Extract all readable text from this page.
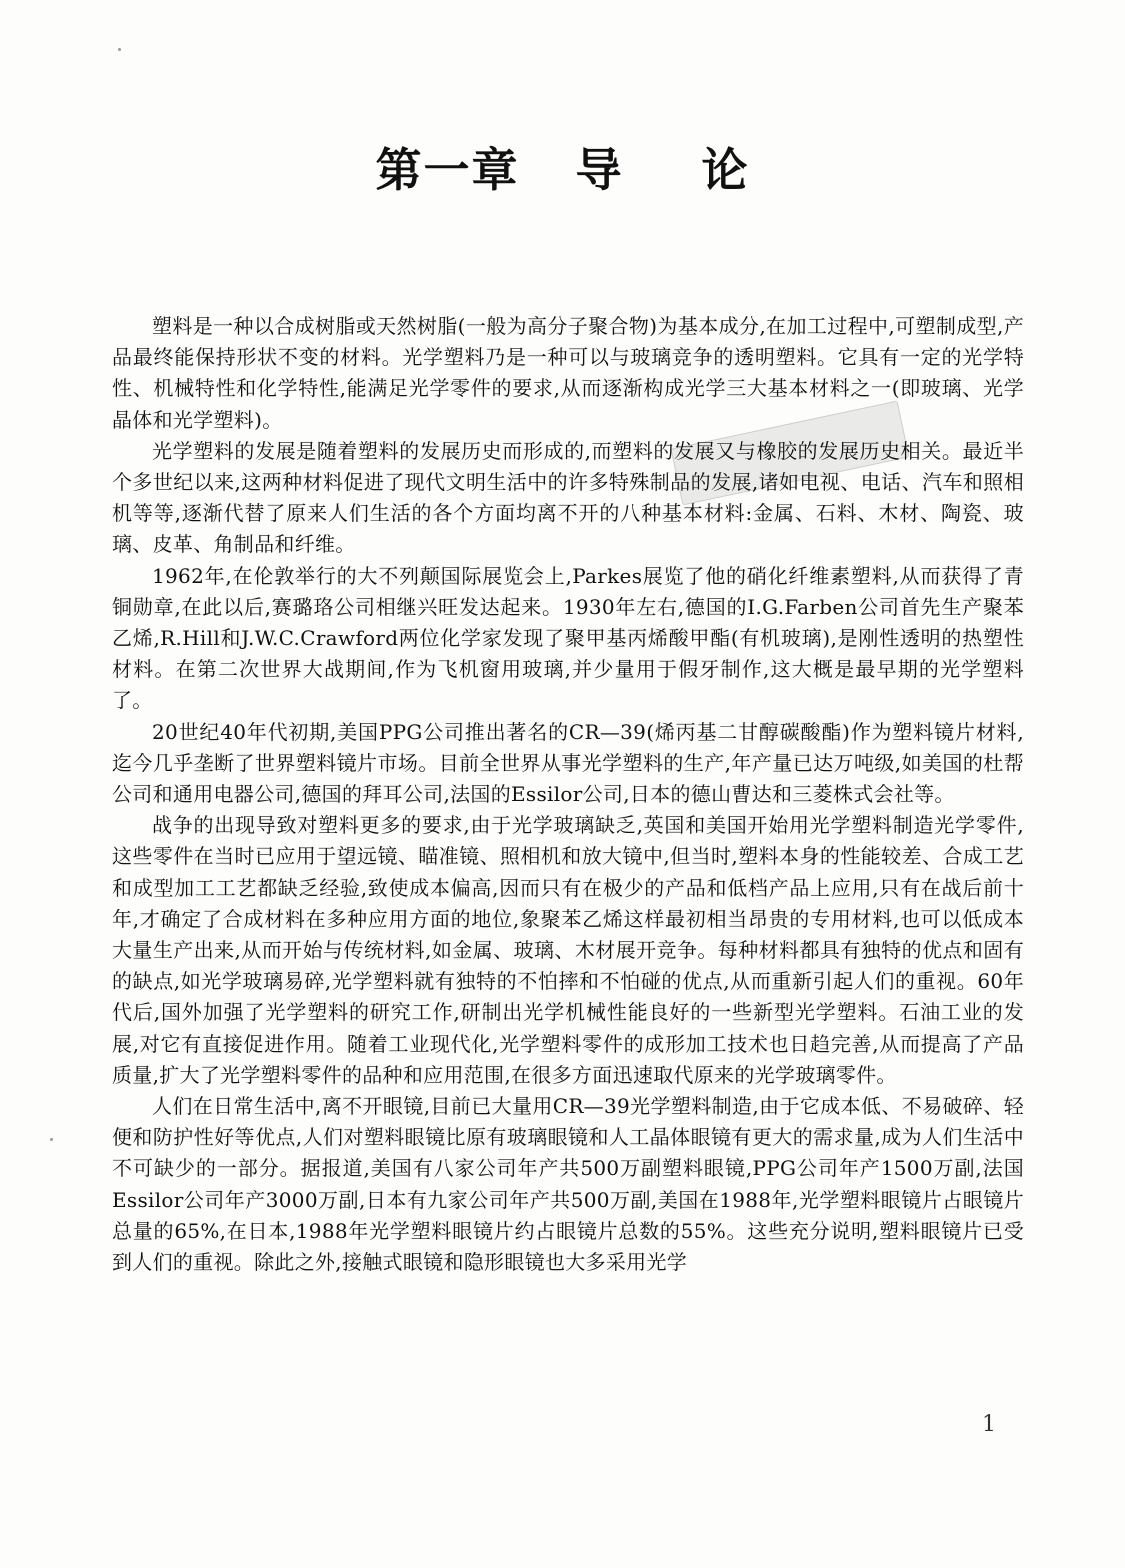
第一章 导 论

塑料是一种以合成树脂或天然树脂(一般为高分子聚合物)为基本成分,在加工过程中,可塑制成型,产品最终能保持形状不变的材料。光学塑料乃是一种可以与玻璃竞争的透明塑料。它具有一定的光学特性、机械特性和化学特性,能满足光学零件的要求,从而逐渐构成光学三大基本材料之一(即玻璃、光学晶体和光学塑料)。

光学塑料的发展是随着塑料的发展历史而形成的,而塑料的发展又与橡胶的发展历史相关。最近半个多世纪以来,这两种材料促进了现代文明生活中的许多特殊制品的发展,诸如电视、电话、汽车和照相机等等,逐渐代替了原来人们生活的各个方面均离不开的八种基本材料:金属、石料、木材、陶瓷、玻璃、皮革、角制品和纤维。

1962年,在伦敦举行的大不列颠国际展览会上,Parkes展览了他的硝化纤维素塑料,从而获得了青铜勋章,在此以后,赛璐珞公司相继兴旺发达起来。1930年左右,德国的I.G.Farben公司首先生产聚苯乙烯,R.Hill和J.W.C.Crawford两位化学家发现了聚甲基丙烯酸甲酯(有机玻璃),是刚性透明的热塑性材料。在第二次世界大战期间,作为飞机窗用玻璃,并少量用于假牙制作,这大概是最早期的光学塑料了。

20世纪40年代初期,美国PPG公司推出著名的CR—39(烯丙基二甘醇碳酸酯)作为塑料镜片材料,迄今几乎垄断了世界塑料镜片市场。目前全世界从事光学塑料的生产,年产量已达万吨级,如美国的杜帮公司和通用电器公司,德国的拜耳公司,法国的Essilor公司,日本的德山曹达和三菱株式会社等。

战争的出现导致对塑料更多的要求,由于光学玻璃缺乏,英国和美国开始用光学塑料制造光学零件,这些零件在当时已应用于望远镜、瞄准镜、照相机和放大镜中,但当时,塑料本身的性能较差、合成工艺和成型加工工艺都缺乏经验,致使成本偏高,因而只有在极少的产品和低档产品上应用,只有在战后前十年,才确定了合成材料在多种应用方面的地位,象聚苯乙烯这样最初相当昂贵的专用材料,也可以低成本大量生产出来,从而开始与传统材料,如金属、玻璃、木材展开竞争。每种材料都具有独特的优点和固有的缺点,如光学玻璃易碎,光学塑料就有独特的不怕摔和不怕碰的优点,从而重新引起人们的重视。60年代后,国外加强了光学塑料的研究工作,研制出光学机械性能良好的一些新型光学塑料。石油工业的发展,对它有直接促进作用。随着工业现代化,光学塑料零件的成形加工技术也日趋完善,从而提高了产品质量,扩大了光学塑料零件的品种和应用范围,在很多方面迅速取代原来的光学玻璃零件。

人们在日常生活中,离不开眼镜,目前已大量用CR—39光学塑料制造,由于它成本低、不易破碎、轻便和防护性好等优点,人们对塑料眼镜比原有玻璃眼镜和人工晶体眼镜有更大的需求量,成为人们生活中不可缺少的一部分。据报道,美国有八家公司年产共500万副塑料眼镜,PPG公司年产1500万副,法国Essilor公司年产3000万副,日本有九家公司年产共500万副,美国在1988年,光学塑料眼镜片占眼镜片总量的65%,在日本,1988年光学塑料眼镜片约占眼镜片总数的55%。这些充分说明,塑料眼镜片已受到人们的重视。除此之外,接触式眼镜和隐形眼镜也大多采用光学

1
